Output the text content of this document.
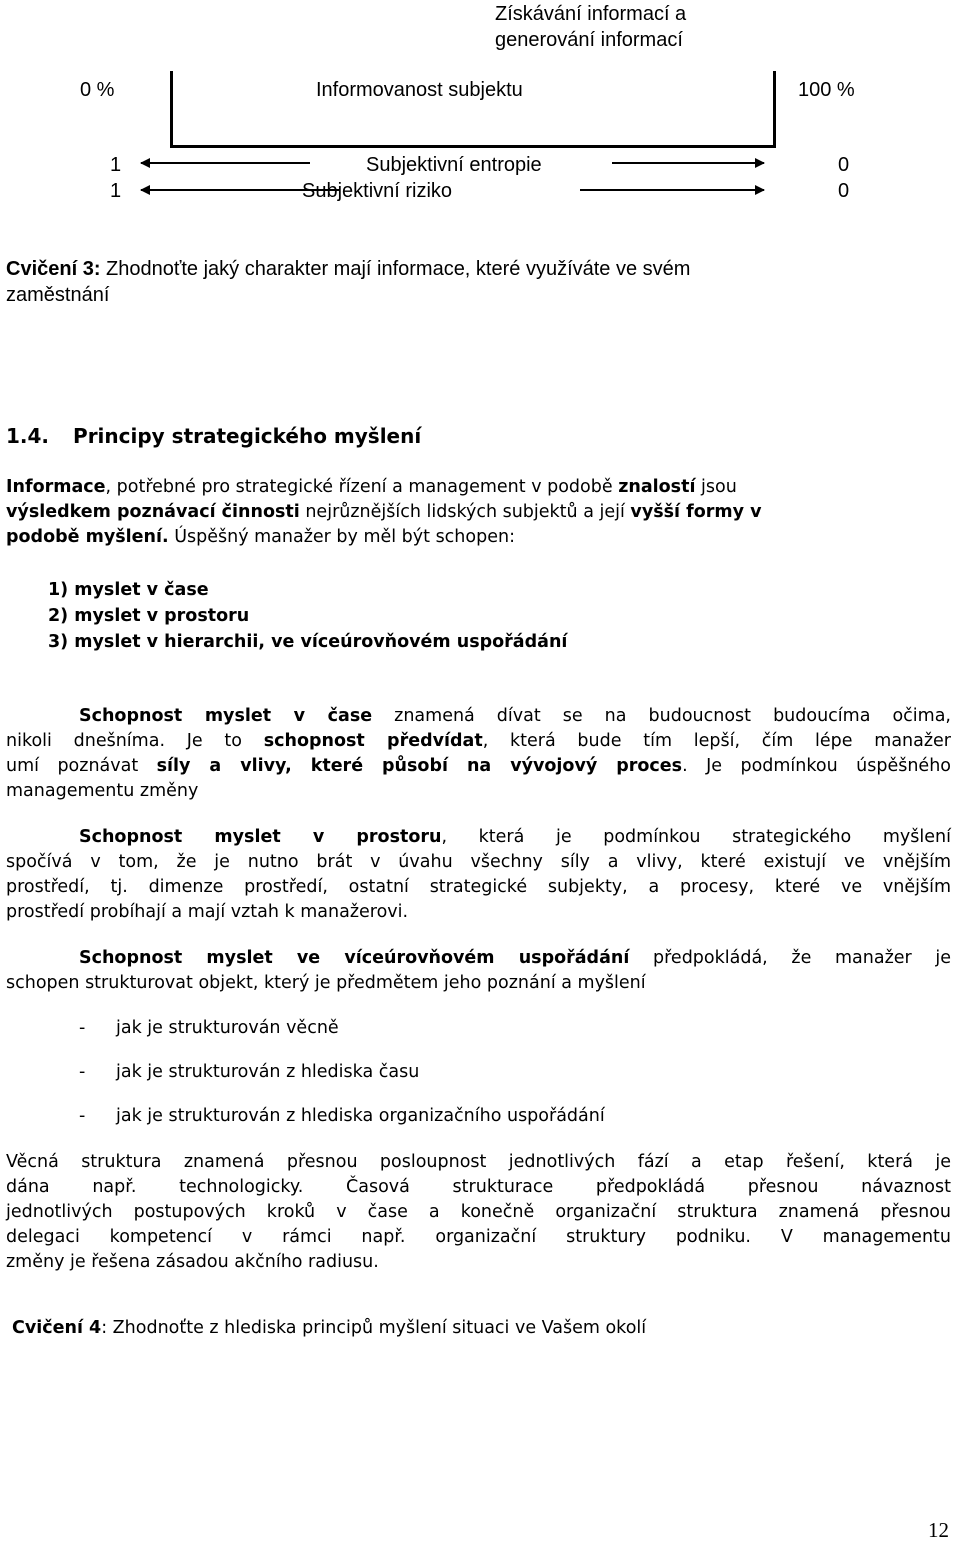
Získávání informací a
generování informací
0 %	Informovanost subjektu	100 %
1	Subjektivní entropie	0
1	Subjektivní riziko	0
Cvičení 3: Zhodnoťte jaký charakter mají informace, které využíváte ve svém
zaměstnání
1.4. Principy strategického myšlení
Informace, potřebné pro strategické řízení a management v podobě znalostí jsou
výsledkem poznávací činnosti nejrůznějších lidských subjektů a její vyšší formy v
podobě myšlení. Úspěšný manažer by měl být schopen:
1) myslet v čase
2) myslet v prostoru
3) myslet v hierarchii, ve víceúrovňovém uspořádání
Schopnost myslet v čase znamená dívat se na budoucnost budoucíma očima,
nikoli dnešníma. Je to schopnost předvídat, která bude tím lepší, čím lépe manažer
umí poznávat síly a vlivy, které působí na vývojový proces. Je podmínkou úspěšného
managementu změny
Schopnost myslet v prostoru, která je podmínkou strategického myšlení
spočívá v tom, že je nutno brát v úvahu všechny síly a vlivy, které existují ve vnějším
prostředí, tj. dimenze prostředí, ostatní strategické subjekty, a procesy, které ve vnějším
prostředí probíhají a mají vztah k manažerovi.
Schopnost myslet ve víceúrovňovém uspořádání předpokládá, že manažer je
schopen strukturovat objekt, který je předmětem jeho poznání a myšlení
- jak je strukturován věcně
- jak je strukturován z hlediska času
- jak je strukturován z hlediska organizačního uspořádání
Věcná struktura znamená přesnou posloupnost jednotlivých fází a etap řešení, která je
dána např. technologicky. Časová strukturace předpokládá přesnou návaznost
jednotlivých postupových kroků v čase a konečně organizační struktura znamená přesnou
delegaci kompetencí v rámci např. organizační struktury podniku. V managementu
změny je řešena zásadou akčního radiusu.
Cvičení 4: Zhodnoťte z hlediska principů myšlení situaci ve Vašem okolí
12
